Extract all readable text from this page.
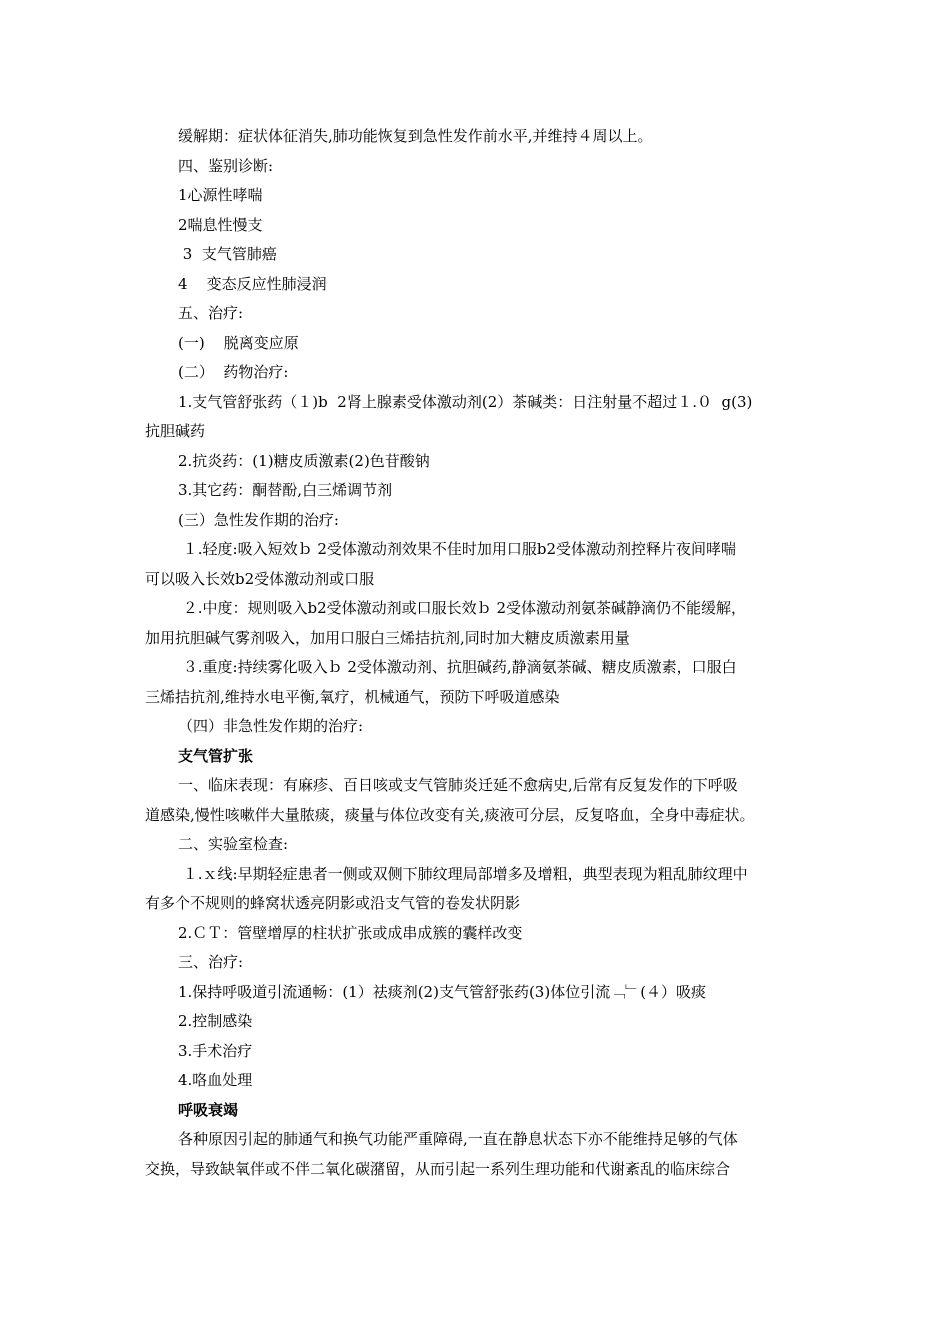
缓解期：症状体征消失,肺功能恢复到急性发作前水平,并维持４周以上。
四、鉴别诊断:
1心源性哮喘
2喘息性慢支
3  支气管肺癌
4    变态反应性肺浸润
五、治疗:
(一)    脱离变应原
(二）  药物治疗:
1.支气管舒张药（１)b  2肾上腺素受体激动剂(2）茶碱类：日注射量不超过１.０  g(3)
抗胆碱药
2.抗炎药：(1)糖皮质激素(2)色苷酸钠
3.其它药：酮替酚,白三烯调节剂
(三）急性发作期的治疗:
１.轻度:吸入短效ｂ 2受体激动剂效果不佳时加用口服b2受体激动剂控释片夜间哮喘
可以吸入长效b2受体激动剂或口服
２.中度：规则吸入b2受体激动剂或口服长效ｂ 2受体激动剂氨茶碱静滴仍不能缓解，
加用抗胆碱气雾剂吸入，加用口服白三烯拮抗剂,同时加大糖皮质激素用量
３.重度:持续雾化吸入ｂ 2受体激动剂、抗胆碱药,静滴氨茶碱、糖皮质激素，口服白
三烯拮抗剂,维持水电平衡,氧疗，机械通气，预防下呼吸道感染
（四）非急性发作期的治疗:
支气管扩张
一、临床表现：有麻疹、百日咳或支气管肺炎迁延不愈病史,后常有反复发作的下呼吸
道感染,慢性咳嗽伴大量脓痰，痰量与体位改变有关,痰液可分层，反复咯血，全身中毒症状。
二、实验室检查:
１.ｘ线:早期轻症患者一侧或双侧下肺纹理局部增多及增粗，典型表现为粗乱肺纹理中
有多个不规则的蜂窝状透亮阴影或沿支气管的卷发状阴影
2.ＣＴ：管壁增厚的柱状扩张或成串成簇的囊样改变
三、治疗:
1.保持呼吸道引流通畅：(1）祛痰剂(2)支气管舒张药(3)体位引流﹁﹂(４）吸痰
2.控制感染
3.手术治疗
4.咯血处理
呼吸衰竭
各种原因引起的肺通气和换气功能严重障碍,一直在静息状态下亦不能维持足够的气体
交换，导致缺氧伴或不伴二氧化碳潴留，从而引起一系列生理功能和代谢紊乱的临床综合
